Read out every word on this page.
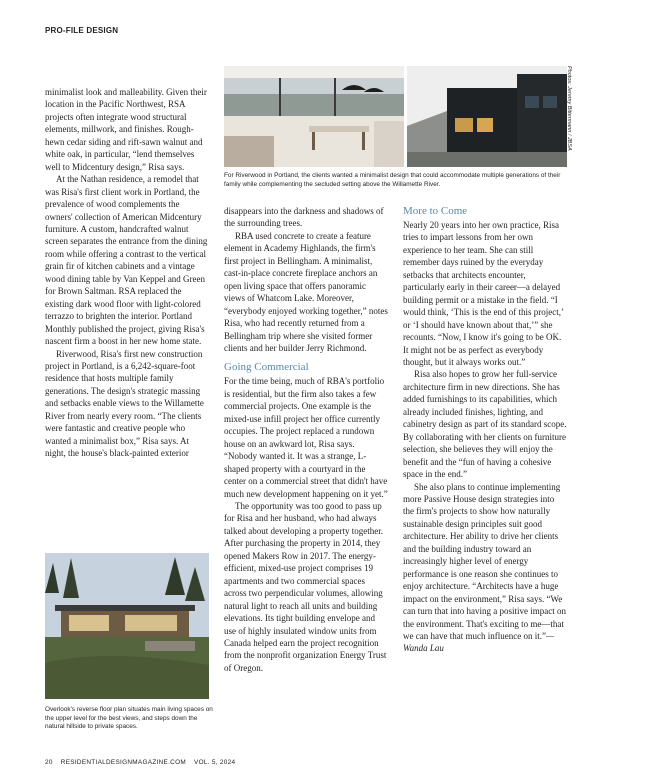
PRO-FILE DESIGN
Photos: Jeremy Bittermann / JBSA
For Riverwood in Portland, the clients wanted a minimalist design that could accommodate multiple generations of their family while complementing the secluded setting above the Willamette River.

minimalist look and malleability. Given their location in the Pacific Northwest, RSA projects often integrate wood structural elements, millwork, and finishes. Rough-hewn cedar siding and rift-sawn walnut and white oak, in particular, “lend themselves well to Midcentury design,” Risa says.

At the Nathan residence, a remodel that was Risa's first client work in Portland, the prevalence of wood complements the owners' collection of American Midcentury furniture. A custom, handcrafted walnut screen separates the entrance from the dining room while offering a contrast to the vertical grain fir of kitchen cabinets and a vintage wood dining table by Van Keppel and Green for Brown Saltman. RSA replaced the existing dark wood floor with light-colored terrazzo to brighten the interior. Portland Monthly published the project, giving Risa's nascent firm a boost in her new home state.

Riverwood, Risa's first new construction project in Portland, is a 6,242-square-foot residence that hosts multiple family generations. The design's strategic massing and setbacks enable views to the Willamette River from nearly every room. “The clients were fantastic and creative people who wanted a minimalist box,” Risa says. At night, the house's black-painted exterior

Overlook's reverse floor plan situates main living spaces on the upper level for the best views, and steps down the natural hillside to private spaces.

disappears into the darkness and shadows of the surrounding trees.

RBA used concrete to create a feature element in Academy Highlands, the firm's first project in Bellingham. A minimalist, cast-in-place concrete fireplace anchors an open living space that offers panoramic views of Whatcom Lake. Moreover, “everybody enjoyed working together,” notes Risa, who had recently returned from a Bellingham trip where she visited former clients and her builder Jerry Richmond.

Going Commercial

For the time being, much of RBA's portfolio is residential, but the firm also takes a few commercial projects. One example is the mixed-use infill project her office currently occupies. The project replaced a rundown house on an awkward lot, Risa says. “Nobody wanted it. It was a strange, L-shaped property with a courtyard in the center on a commercial street that didn't have much new development happening on it yet.”

The opportunity was too good to pass up for Risa and her husband, who had always talked about developing a property together. After purchasing the property in 2014, they opened Makers Row in 2017. The energy-efficient, mixed-use project comprises 19 apartments and two commercial spaces across two perpendicular volumes, allowing natural light to reach all units and building elevations. Its tight building envelope and use of highly insulated window units from Canada helped earn the project recognition from the nonprofit organization Energy Trust of Oregon.

More to Come

Nearly 20 years into her own practice, Risa tries to impart lessons from her own experience to her team. She can still remember days ruined by the everyday setbacks that architects encounter, particularly early in their career—a delayed building permit or a mistake in the field. “I would think, ‘This is the end of this project,’ or ‘I should have known about that,’” she recounts. “Now, I know it's going to be OK. It might not be as perfect as everybody thought, but it always works out.”

Risa also hopes to grow her full-service architecture firm in new directions. She has added furnishings to its capabilities, which already included finishes, lighting, and cabinetry design as part of its standard scope. By collaborating with her clients on furniture selection, she believes they will enjoy the benefit and the “fun of having a cohesive space in the end.”

She also plans to continue implementing more Passive House design strategies into the firm's projects to show how naturally sustainable design principles suit good architecture. Her ability to drive her clients and the building industry toward an increasingly higher level of energy performance is one reason she continues to enjoy architecture. “Architects have a huge impact on the environment,” Risa says. “We can turn that into having a positive impact on the environment. That's exciting to me—that we can have that much influence on it.”—Wanda Lau

20 RESIDENTIALDESIGNMAGAZINE.COM VOL. 5, 2024
